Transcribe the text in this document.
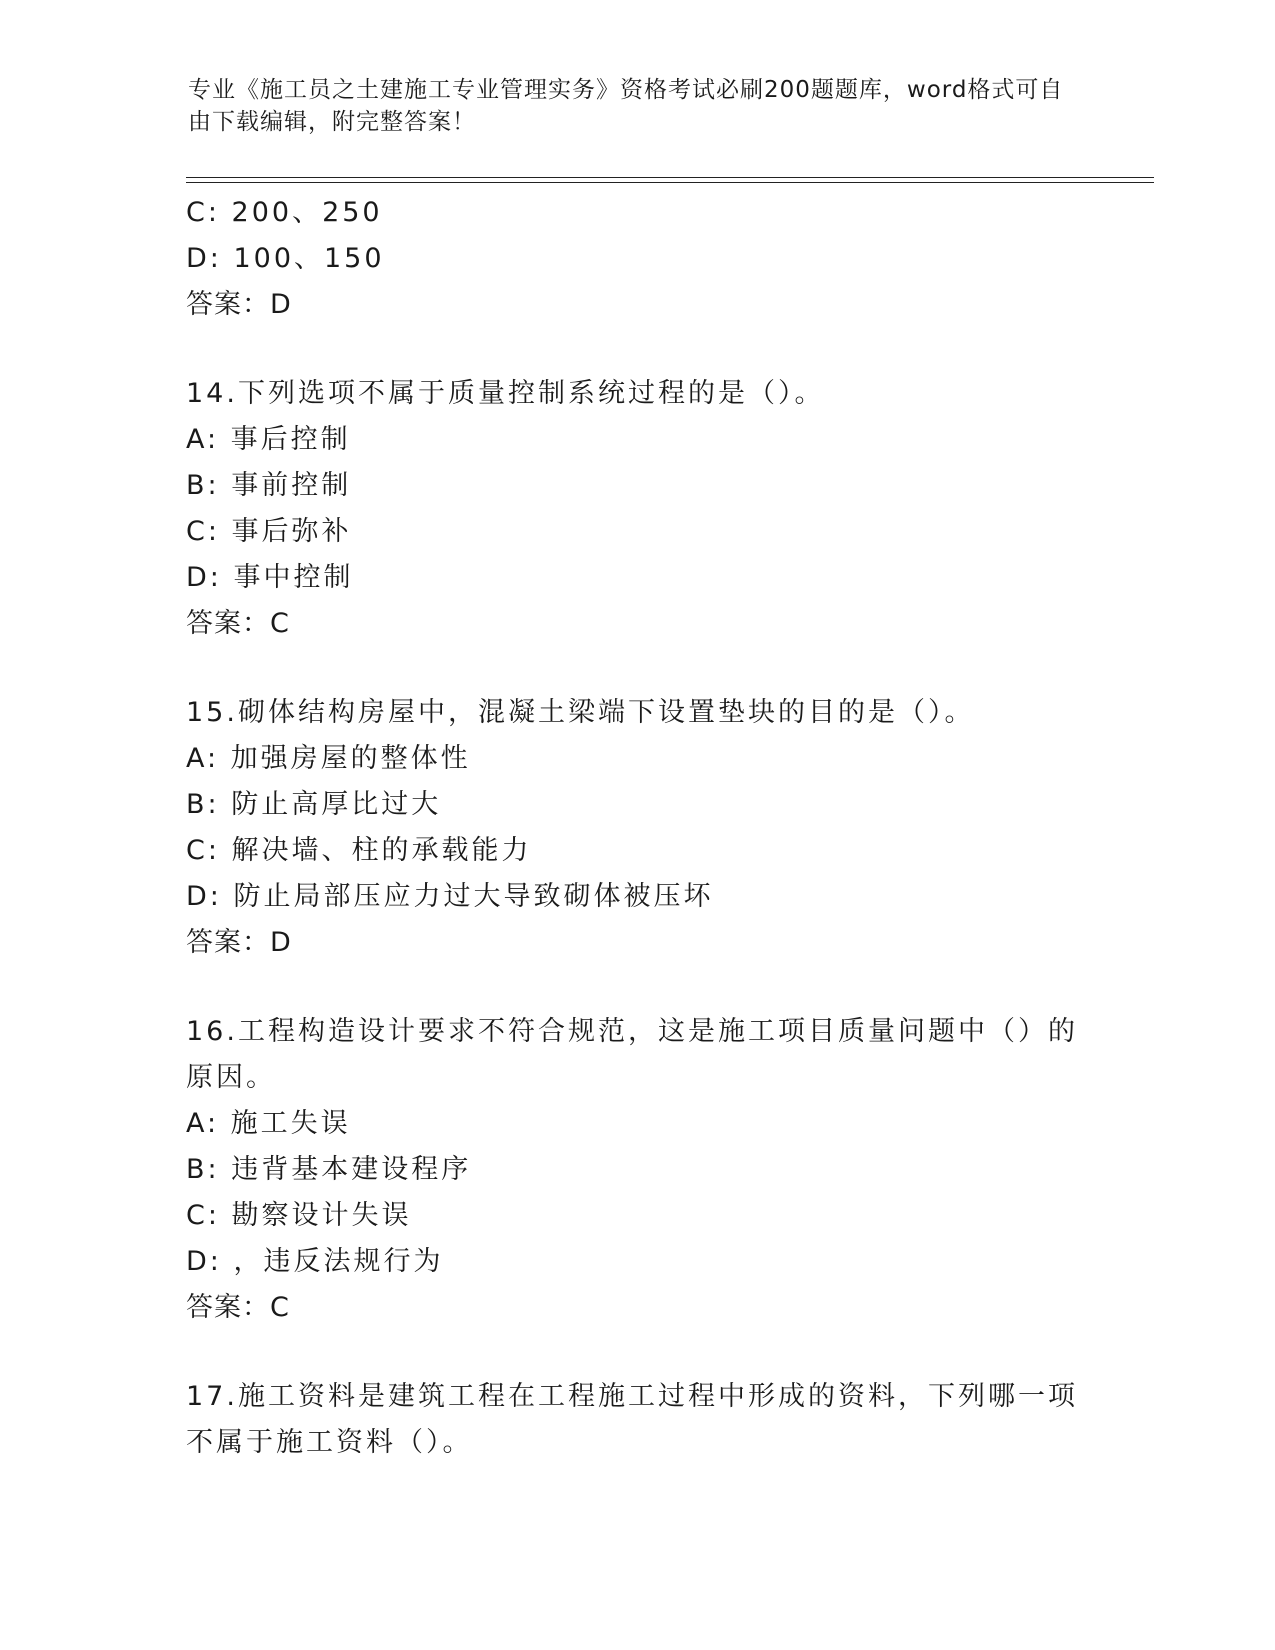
专业《施工员之土建施工专业管理实务》资格考试必刷200题题库，word格式可自由下载编辑，附完整答案！
C: 200、250
D: 100、150
答案：D
14.下列选项不属于质量控制系统过程的是（）。
A: 事后控制
B: 事前控制
C: 事后弥补
D: 事中控制
答案：C
15.砌体结构房屋中，混凝土梁端下设置垫块的目的是（）。
A: 加强房屋的整体性
B: 防止高厚比过大
C: 解决墙、柱的承载能力
D: 防止局部压应力过大导致砌体被压坏
答案：D
16.工程构造设计要求不符合规范，这是施工项目质量问题中（）的原因。
A: 施工失误
B: 违背基本建设程序
C: 勘察设计失误
D: ，违反法规行为
答案：C
17.施工资料是建筑工程在工程施工过程中形成的资料，下列哪一项不属于施工资料（）。
